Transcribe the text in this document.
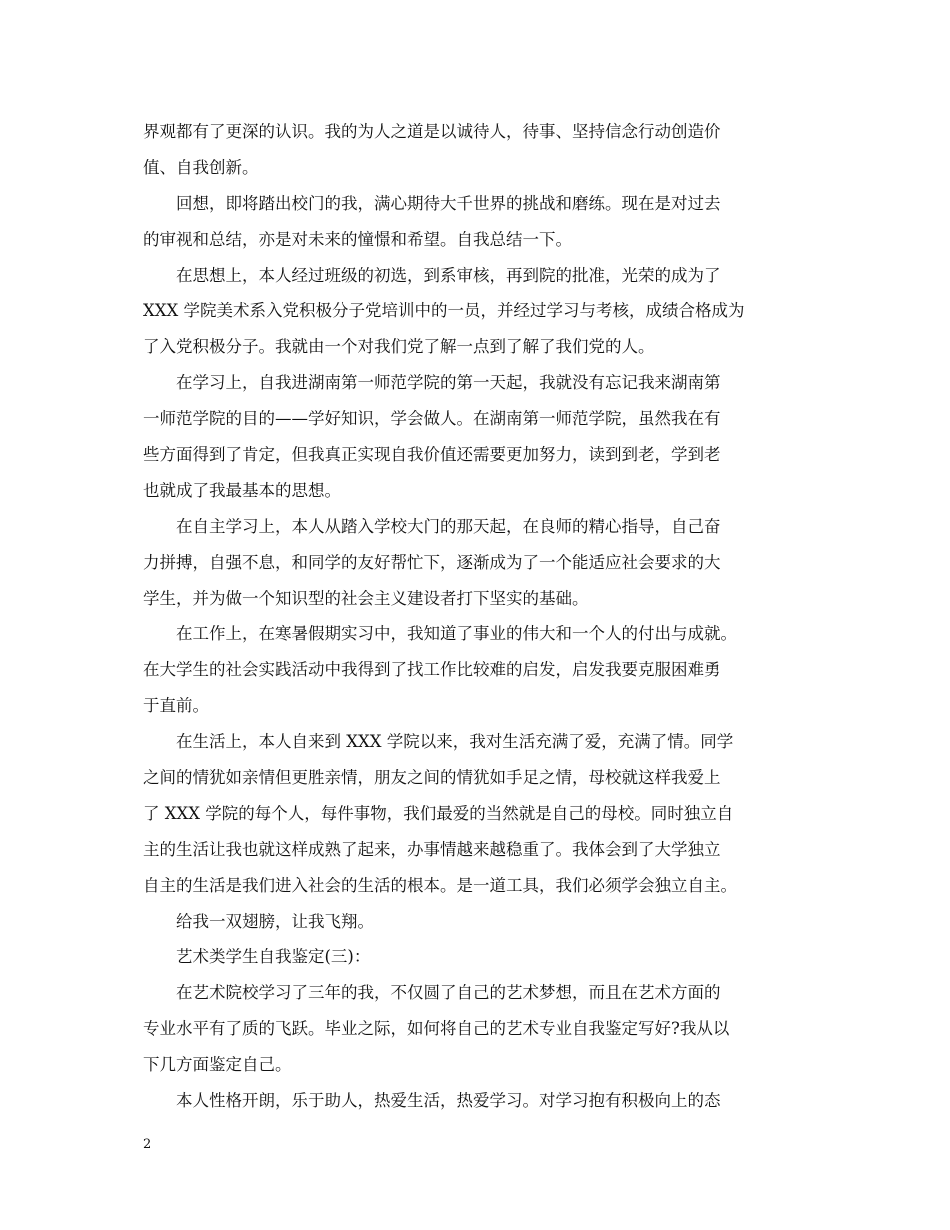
界观都有了更深的认识。我的为人之道是以诚待人，待事、坚持信念行动创造价
值、自我创新。
回想，即将踏出校门的我，满心期待大千世界的挑战和磨练。现在是对过去
的审视和总结，亦是对未来的憧憬和希望。自我总结一下。
在思想上，本人经过班级的初选，到系审核，再到院的批准，光荣的成为了
XXX 学院美术系入党积极分子党培训中的一员，并经过学习与考核，成绩合格成为
了入党积极分子。我就由一个对我们党了解一点到了解了我们党的人。
在学习上，自我进湖南第一师范学院的第一天起，我就没有忘记我来湖南第
一师范学院的目的——学好知识，学会做人。在湖南第一师范学院，虽然我在有
些方面得到了肯定，但我真正实现自我价值还需要更加努力，读到到老，学到老
也就成了我最基本的思想。
在自主学习上，本人从踏入学校大门的那天起，在良师的精心指导，自己奋
力拼搏，自强不息，和同学的友好帮忙下，逐渐成为了一个能适应社会要求的大
学生，并为做一个知识型的社会主义建设者打下坚实的基础。
在工作上，在寒暑假期实习中，我知道了事业的伟大和一个人的付出与成就。
在大学生的社会实践活动中我得到了找工作比较难的启发，启发我要克服困难勇
于直前。
在生活上，本人自来到 XXX 学院以来，我对生活充满了爱，充满了情。同学
之间的情犹如亲情但更胜亲情，朋友之间的情犹如手足之情，母校就这样我爱上
了 XXX 学院的每个人，每件事物，我们最爱的当然就是自己的母校。同时独立自
主的生活让我也就这样成熟了起来，办事情越来越稳重了。我体会到了大学独立
自主的生活是我们进入社会的生活的根本。是一道工具，我们必须学会独立自主。
给我一双翅膀，让我飞翔。
艺术类学生自我鉴定(三)：
在艺术院校学习了三年的我，不仅圆了自己的艺术梦想，而且在艺术方面的
专业水平有了质的飞跃。毕业之际，如何将自己的艺术专业自我鉴定写好?我从以
下几方面鉴定自己。
本人性格开朗，乐于助人，热爱生活，热爱学习。对学习抱有积极向上的态
2
